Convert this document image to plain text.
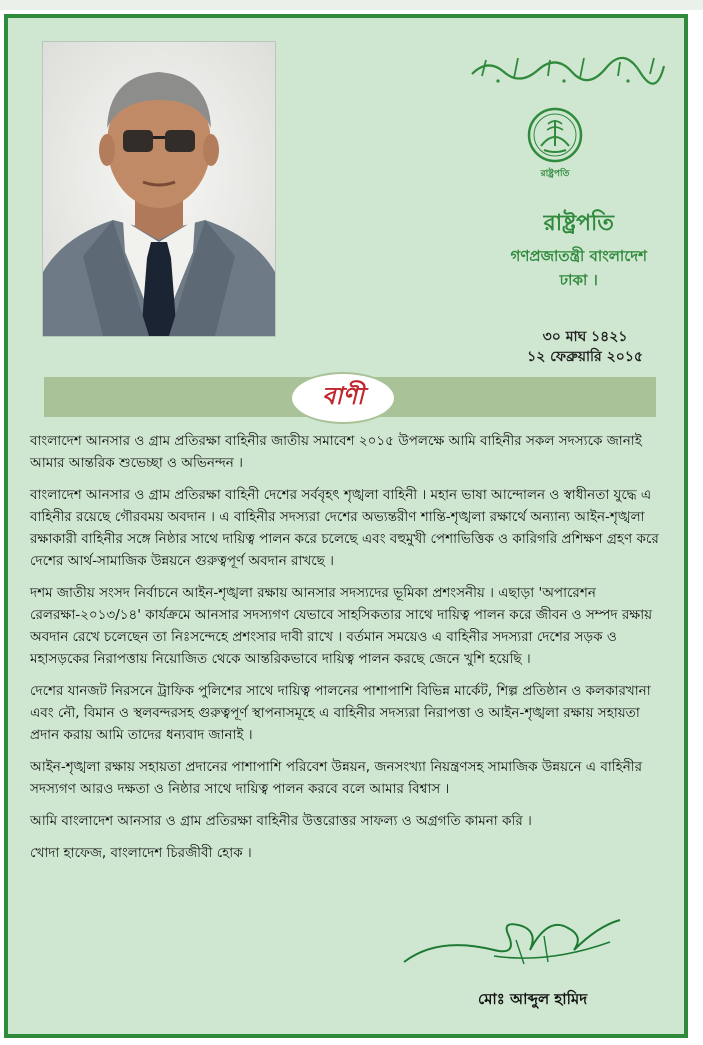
রাষ্ট্রপতি
রাষ্ট্রপতি
গণপ্রজাতন্ত্রী বাংলাদেশ
ঢাকা ।
৩০ মাঘ ১৪২১
১২ ফেব্রুয়ারি ২০১৫
বাণী

বাংলাদেশ আনসার ও গ্রাম প্রতিরক্ষা বাহিনীর জাতীয় সমাবেশ ২০১৫ উপলক্ষে আমি বাহিনীর সকল সদস্যকে জানাই আমার আন্তরিক শুভেচ্ছা ও অভিনন্দন ।

বাংলাদেশ আনসার ও গ্রাম প্রতিরক্ষা বাহিনী দেশের সর্ববৃহৎ শৃঙ্খলা বাহিনী । মহান ভাষা আন্দোলন ও স্বাধীনতা যুদ্ধে এ বাহিনীর রয়েছে গৌরবময় অবদান । এ বাহিনীর সদস্যরা দেশের অভ্যন্তরীণ শান্তি-শৃঙ্খলা রক্ষার্থে অন্যান্য আইন-শৃঙ্খলা রক্ষাকারী বাহিনীর সঙ্গে নিষ্ঠার সাথে দায়িত্ব পালন করে চলেছে এবং বহুমুখী পেশাভিত্তিক ও কারিগরি প্রশিক্ষণ গ্রহণ করে দেশের আর্থ-সামাজিক উন্নয়নে গুরুত্বপূর্ণ অবদান রাখছে ।

দশম জাতীয় সংসদ নির্বাচনে আইন-শৃঙ্খলা রক্ষায় আনসার সদস্যদের ভূমিকা প্রশংসনীয় । এছাড়া 'অপারেশন রেলরক্ষা-২০১৩/১৪' কার্যক্রমে আনসার সদস্যগণ যেভাবে সাহসিকতার সাথে দায়িত্ব পালন করে জীবন ও সম্পদ রক্ষায় অবদান রেখে চলেছেন তা নিঃসন্দেহে প্রশংসার দাবী রাখে । বর্তমান সময়েও এ বাহিনীর সদস্যরা দেশের সড়ক ও মহাসড়কের নিরাপত্তায় নিয়োজিত থেকে আন্তরিকভাবে দায়িত্ব পালন করছে জেনে খুশি হয়েছি ।

দেশের যানজট নিরসনে ট্রাফিক পুলিশের সাথে দায়িত্ব পালনের পাশাপাশি বিভিন্ন মার্কেট, শিল্প প্রতিষ্ঠান ও কলকারখানা এবং নৌ, বিমান ও স্থলবন্দরসহ গুরুত্বপূর্ণ স্থাপনাসমূহে এ বাহিনীর সদস্যরা নিরাপত্তা ও আইন-শৃঙ্খলা রক্ষায় সহায়তা প্রদান করায় আমি তাদের ধন্যবাদ জানাই ।

আইন-শৃঙ্খলা রক্ষায় সহায়তা প্রদানের পাশাপাশি পরিবেশ উন্নয়ন, জনসংখ্যা নিয়ন্ত্রণসহ সামাজিক উন্নয়নে এ বাহিনীর সদস্যগণ আরও দক্ষতা ও নিষ্ঠার সাথে দায়িত্ব পালন করবে বলে আমার বিশ্বাস ।

আমি বাংলাদেশ আনসার ও গ্রাম প্রতিরক্ষা বাহিনীর উত্তরোত্তর সাফল্য ও অগ্রগতি কামনা করি ।

খোদা হাফেজ, বাংলাদেশ চিরজীবী হোক ।

মোঃ আব্দুল হামিদ
